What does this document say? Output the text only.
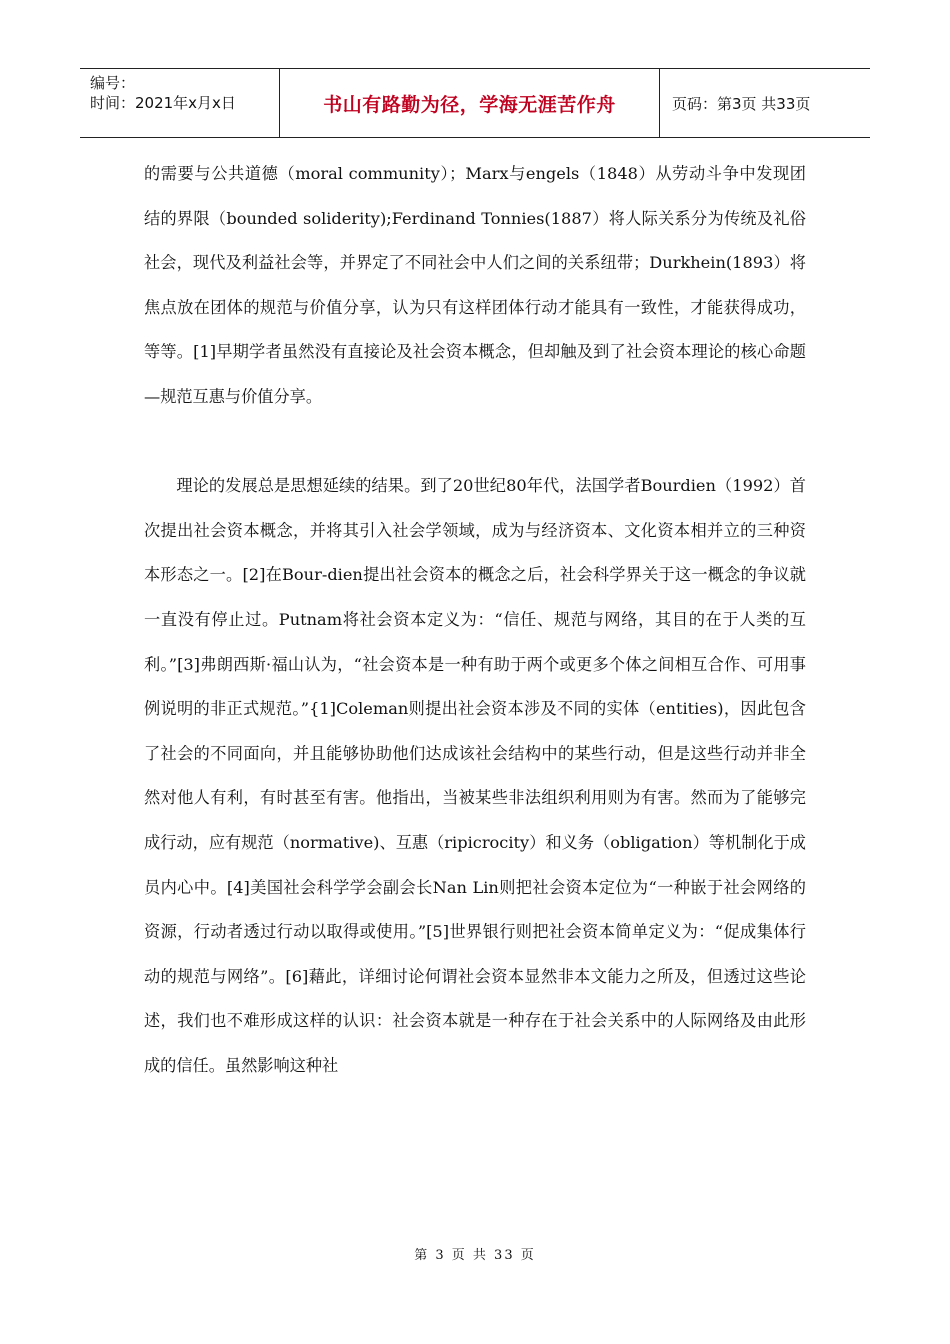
编号：
时间：2021年x月x日	书山有路勤为径，学海无涯苦作舟	页码：第3页 共33页

的需要与公共道德（moral community）；Marx与engels（1848）从劳动斗争中发现团结的界限（bounded soliderity);Ferdinand Tonnies(1887）将人际关系分为传统及礼俗社会，现代及利益社会等，并界定了不同社会中人们之间的关系纽带；Durkhein(1893）将焦点放在团体的规范与价值分享，认为只有这样团体行动才能具有一致性，才能获得成功，等等。[1]早期学者虽然没有直接论及社会资本概念，但却触及到了社会资本理论的核心命题—规范互惠与价值分享。

理论的发展总是思想延续的结果。到了20世纪80年代，法国学者Bourdien（1992）首次提出社会资本概念，并将其引入社会学领域，成为与经济资本、文化资本相并立的三种资本形态之一。[2]在Bour-dien提出社会资本的概念之后，社会科学界关于这一概念的争议就一直没有停止过。Putnam将社会资本定义为：“信任、规范与网络，其目的在于人类的互利。”[3]弗朗西斯·福山认为，“社会资本是一种有助于两个或更多个体之间相互合作、可用事例说明的非正式规范。”{1]Coleman则提出社会资本涉及不同的实体（entities)，因此包含了社会的不同面向，并且能够协助他们达成该社会结构中的某些行动，但是这些行动并非全然对他人有利，有时甚至有害。他指出，当被某些非法组织利用则为有害。然而为了能够完成行动，应有规范（normative)、互惠（ripicrocity）和义务（obligation）等机制化于成员内心中。[4]美国社会科学学会副会长Nan Lin则把社会资本定位为“一种嵌于社会网络的资源，行动者透过行动以取得或使用。”[5]世界银行则把社会资本简单定义为：“促成集体行动的规范与网络”。[6]藉此，详细讨论何谓社会资本显然非本文能力之所及，但透过这些论述，我们也不难形成这样的认识：社会资本就是一种存在于社会关系中的人际网络及由此形成的信任。虽然影响这种社

第 3 页 共 33 页
